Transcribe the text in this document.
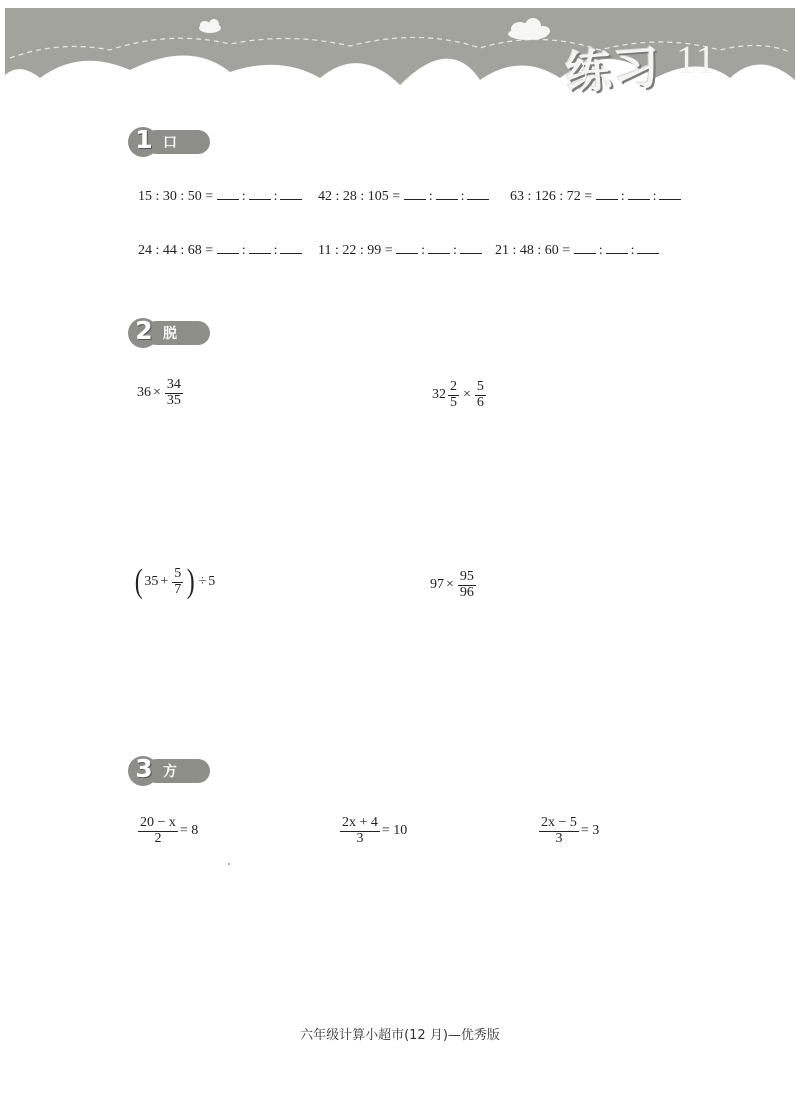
练习 11
1 口算
15 : 30 : 50 = : :	42 : 28 : 105 = : :	63 : 126 : 72 = : :
24 : 44 : 68 = : :	11 : 22 : 99 = : :	21 : 48 : 60 = : :
2 脱式
$36 \times \frac{34}{35}$	$32 \frac{2}{5} \times \frac{5}{6}$
( $35 + \frac{5}{7}$ ) ÷ 5	$97 \times \frac{95}{96}$
3 方程
$\frac{20 - x}{2} = 8$	$\frac{2x + 4}{3} = 10$	$\frac{2x - 5}{3} = 3$
六年级计算小超市(12 月)—优秀版
